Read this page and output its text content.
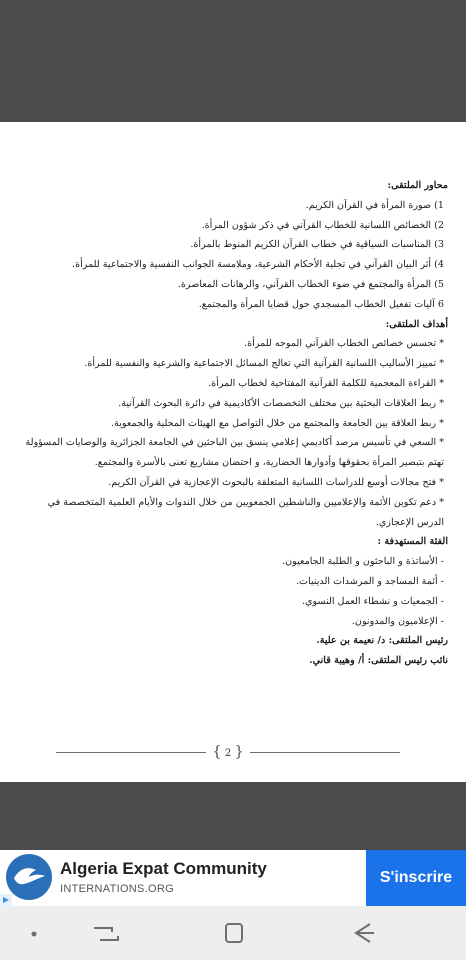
محاور الملتقى:
1) صورة المرأة في القرآن الكريم.
2) الخصائص اللسانية للخطاب القرآني في ذكر شؤون المرأة.
3) المناسبات السياقية في خطاب القرآن الكريم المنوط بالمرأة.
4) أثر البيان القرآني في تجلية الأحكام الشرعية، وملامسة الجوانب النفسية والاجتماعية للمرأة.
5) المرأة والمجتمع في ضوء الخطاب القرآني، والرهانات المعاصرة.
6 آليات تفعيل الخطاب المسجدي حول قضايا المرأة والمجتمع.
أهداف الملتقى:
* تحسس خصائص الخطاب القرآني الموجه للمرأة.
* تمييز الأساليب اللسانية القرآنية التي تعالج المسائل الاجتماعية والشرعية والنفسية للمرأة.
* القراءة المعجمية للكلمة القرآنية المفتاحية لخطاب المرأة.
* ربط العلاقات البحثية بين مختلف التخصصات الأكاديمية في دائرة البحوث القرآنية.
* ربط العلاقة بين الجامعة والمجتمع من خلال التواصل مع الهيئات المحلية والجمعوية.
* السعي في تأسيس مرصد أكاديمي إعلامي ينسق بين الباحثين في الجامعة الجزائرية والوصايات المسؤولة
تهتم بتبصير المرأة بحقوقها وأدوارها الحضارية، و احتضان مشاريع تعنى بالأسرة والمجتمع.
* فتح مجالات أوسع للدراسات اللسانية المتعلقة بالبحوث الإعجازية في القرآن الكريم.
* دعم تكوين الأئمة والإعلاميين والناشطين الجمعويين من خلال الندوات والأيام العلمية المتخصصة في
الدرس الإعجازي.
الفئة المستهدفة :
- الأساتذة و الباحثون و الطلبة الجامعيون.
- أئمة المساجد و المرشدات الدينيات.
- الجمعيات و نشطاء العمل النسوي.
- الإعلاميون والمدونون.
رئيس الملتقى: د/ نعيمة بن علية.
نائب رئيس الملتقى: أ/ وهيبة قاني.
{ 2 }
Algeria Expat Community
INTERNATIONS.ORG
S'inscrire
